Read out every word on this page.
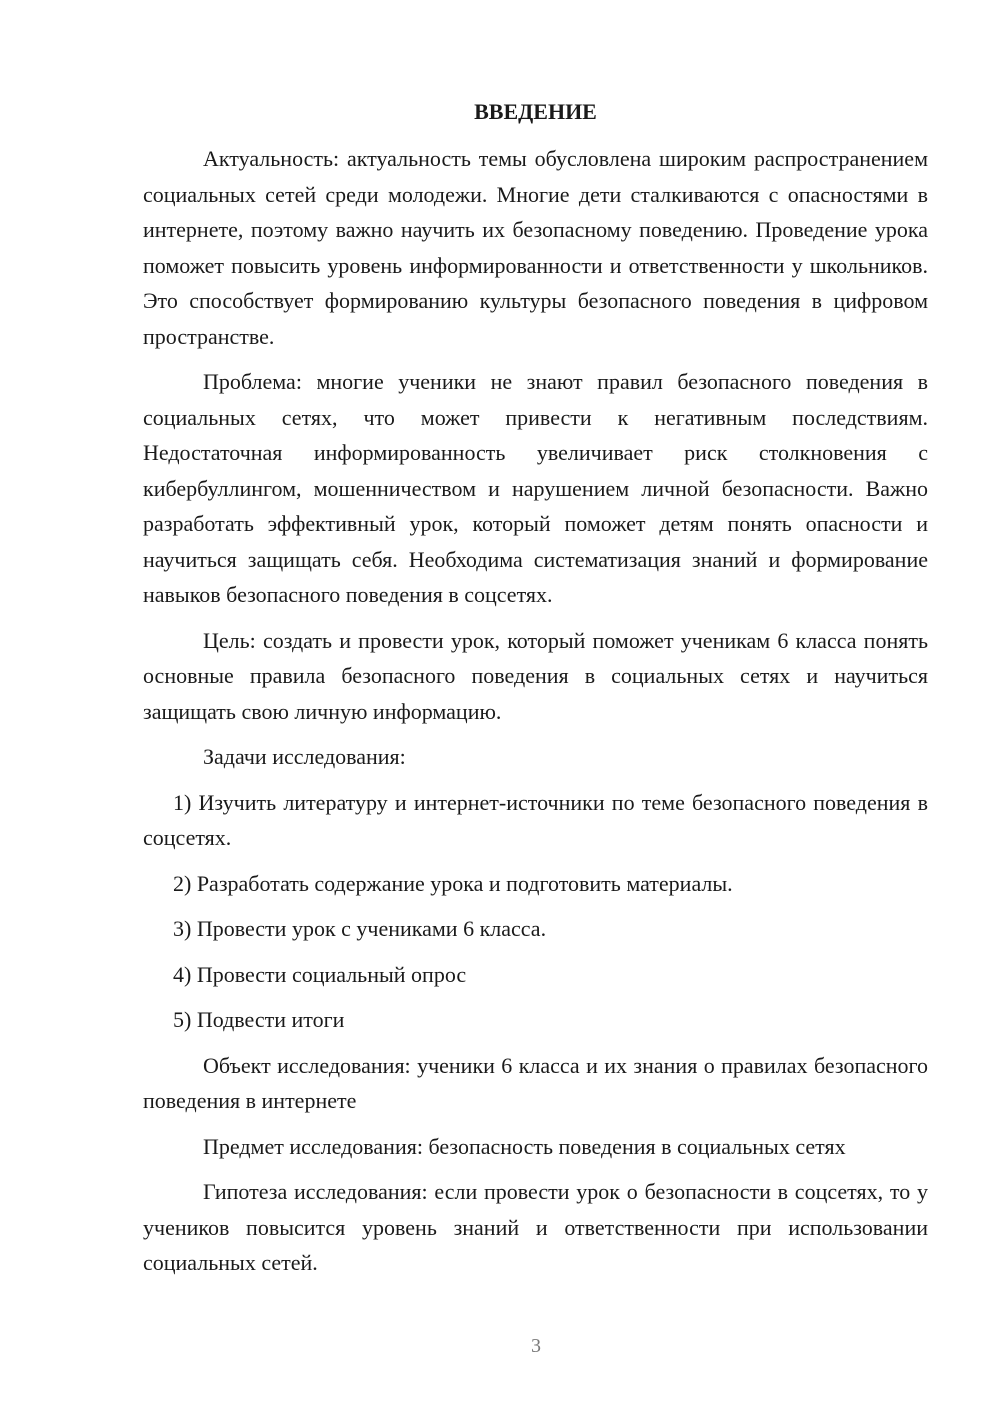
ВВЕДЕНИЕ

Актуальность: актуальность темы обусловлена широким распространением социальных сетей среди молодежи. Многие дети сталкиваются с опасностями в интернете, поэтому важно научить их безопасному поведению. Проведение урока поможет повысить уровень информированности и ответственности у школьников. Это способствует формированию культуры безопасного поведения в цифровом пространстве.

Проблема: многие ученики не знают правил безопасного поведения в социальных сетях, что может привести к негативным последствиям. Недостаточная информированность увеличивает риск столкновения с кибербуллингом, мошенничеством и нарушением личной безопасности. Важно разработать эффективный урок, который поможет детям понять опасности и научиться защищать себя. Необходима систематизация знаний и формирование навыков безопасного поведения в соцсетях.

Цель: создать и провести урок, который поможет ученикам 6 класса понять основные правила безопасного поведения в социальных сетях и научиться защищать свою личную информацию.

Задачи исследования:

1) Изучить литературу и интернет-источники по теме безопасного поведения в соцсетях.

2) Разработать содержание урока и подготовить материалы.

3) Провести урок с учениками 6 класса.

4) Провести социальный опрос

5) Подвести итоги

Объект исследования: ученики 6 класса и их знания о правилах безопасного поведения в интернете

Предмет исследования: безопасность поведения в социальных сетях

Гипотеза исследования: если провести урок о безопасности в соцсетях, то у учеников повысится уровень знаний и ответственности при использовании социальных сетей.

3
